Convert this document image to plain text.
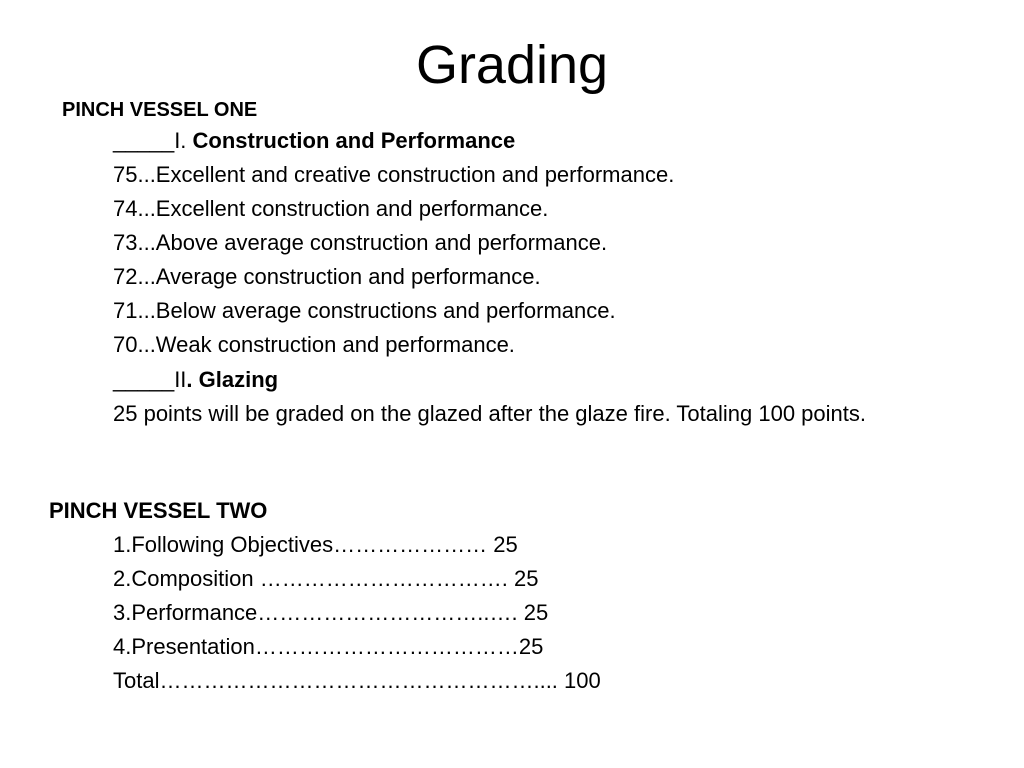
Grading
PINCH VESSEL ONE
_____I. Construction and Performance
75...Excellent and creative construction and performance.
74...Excellent construction and performance.
73...Above average construction and performance.
72...Average construction and performance.
71...Below average constructions and performance.
70...Weak construction and performance.
_____II. Glazing
25 points will be graded on the glazed after the glaze fire. Totaling 100 points.
PINCH VESSEL TWO
1.Following Objectives………………… 25
2.Composition ……………………………. 25
3.Performance…………………………..…. 25
4.Presentation………………………………25
Total…………………………………………….... 100
